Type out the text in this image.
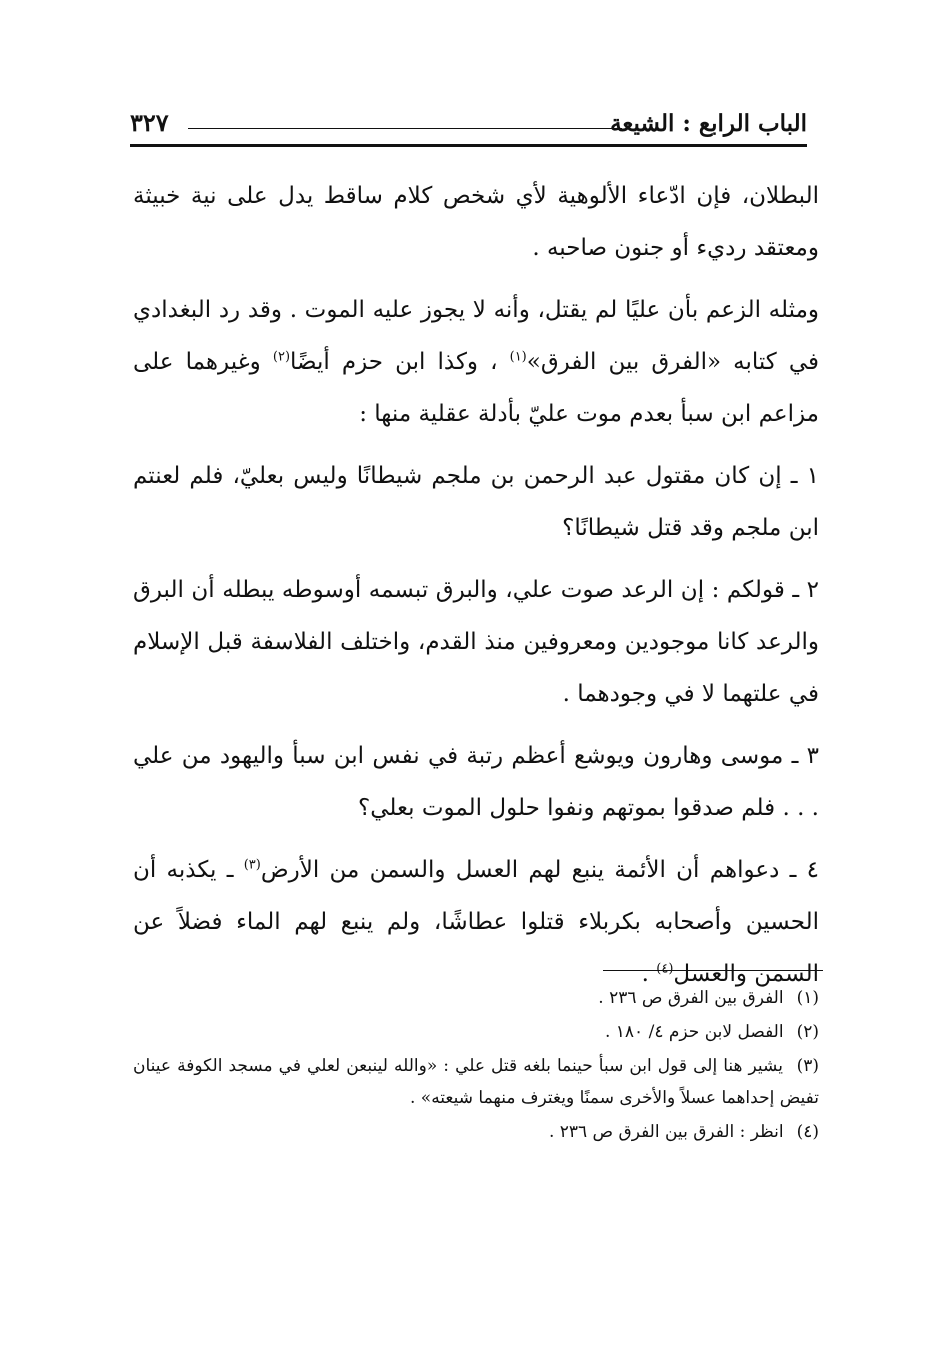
الباب الرابع : الشيعة
٣٢٧

البطلان، فإن ادّعاء الألوهية لأي شخص كلام ساقط يدل على نية خبيثة ومعتقد رديء أو جنون صاحبه .

ومثله الزعم بأن عليًا لم يقتل، وأنه لا يجوز عليه الموت . وقد رد البغدادي في كتابه «الفرق بين الفرق»$^{(١)}$ ، وكذا ابن حزم أيضًا$^{(٢)}$ وغيرهما على مزاعم ابن سبأ بعدم موت عليّ بأدلة عقلية منها :

١ ـ إن كان مقتول عبد الرحمن بن ملجم شيطانًا وليس بعليّ، فلم لعنتم ابن ملجم وقد قتل شيطانًا؟

٢ ـ قولكم : إن الرعد صوت علي، والبرق تبسمه أوسوطه يبطله أن البرق والرعد كانا موجودين ومعروفين منذ القدم، واختلف الفلاسفة قبل الإسلام في علتهما لا في وجودهما .

٣ ـ موسى وهارون ويوشع أعظم رتبة في نفس ابن سبأ واليهود من علي . . . فلم صدقوا بموتهم ونفوا حلول الموت بعلي؟

٤ ـ دعواهم أن الأئمة ينبع لهم العسل والسمن من الأرض$^{(٣)}$ ـ يكذبه أن الحسين وأصحابه بكربلاء قتلوا عطاشًا، ولم ينبع لهم الماء فضلاً عن السمن والعسل$^{(٤)}$ .

(١) الفرق بين الفرق ص ٢٣٦ .
(٢) الفصل لابن حزم ٤/ ١٨٠ .
(٣) يشير هنا إلى قول ابن سبأ حينما بلغه قتل علي : «والله لينبعن لعلي في مسجد الكوفة عينان تفيض إحداهما عسلاً والأخرى سمنًا ويغترف منهما شيعته» .
(٤) انظر : الفرق بين الفرق ص ٢٣٦ .
